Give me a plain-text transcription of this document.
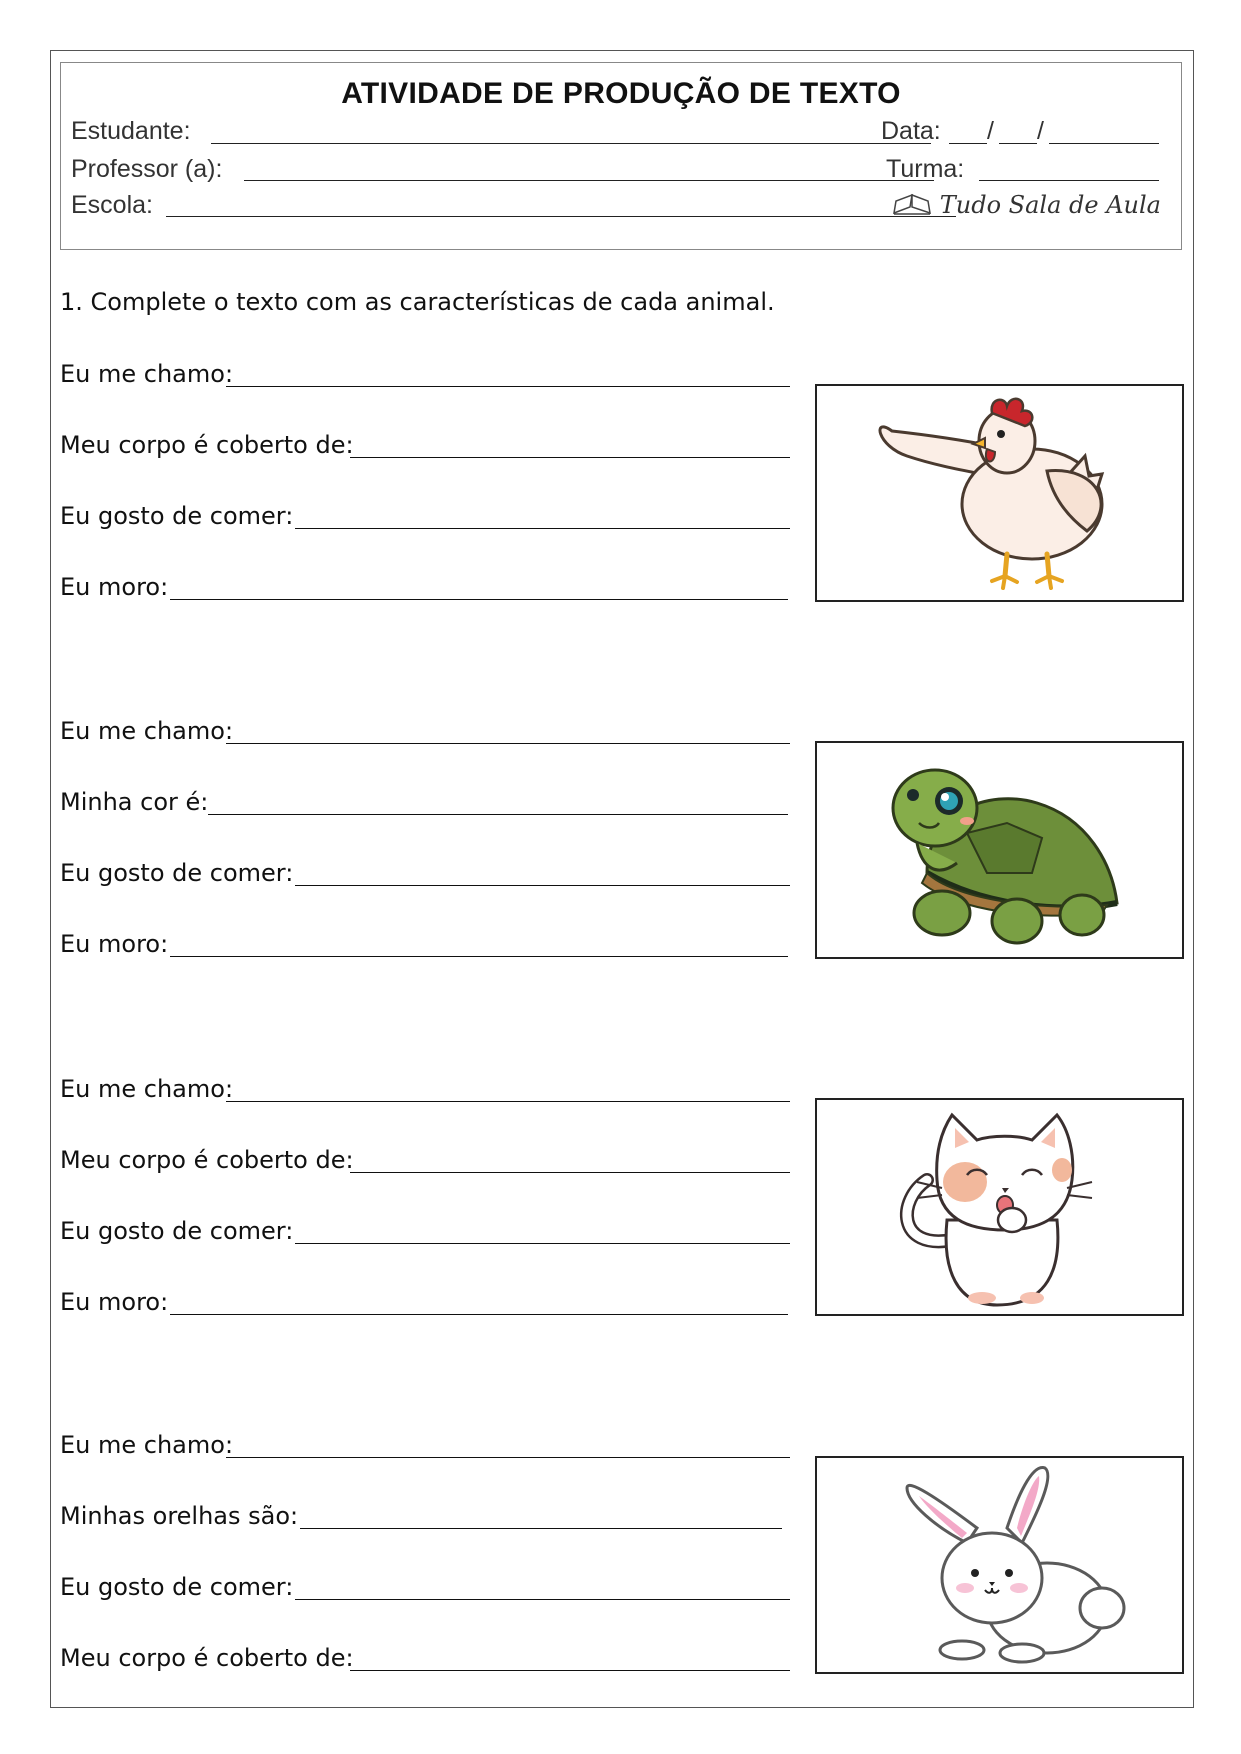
ATIVIDADE DE PRODUÇÃO DE TEXTO
Estudante:	Data: / /
Professor (a):	Turma:
Escola:	Tudo Sala de Aula
1. Complete o texto com as características de cada animal.
Eu me chamo:
Meu corpo é coberto de:
Eu gosto de comer:
Eu moro:
Eu me chamo:
Minha cor é:
Eu gosto de comer:
Eu moro:
Eu me chamo:
Meu corpo é coberto de:
Eu gosto de comer:
Eu moro:
Eu me chamo:
Minhas orelhas são:
Eu gosto de comer:
Meu corpo é coberto de:
